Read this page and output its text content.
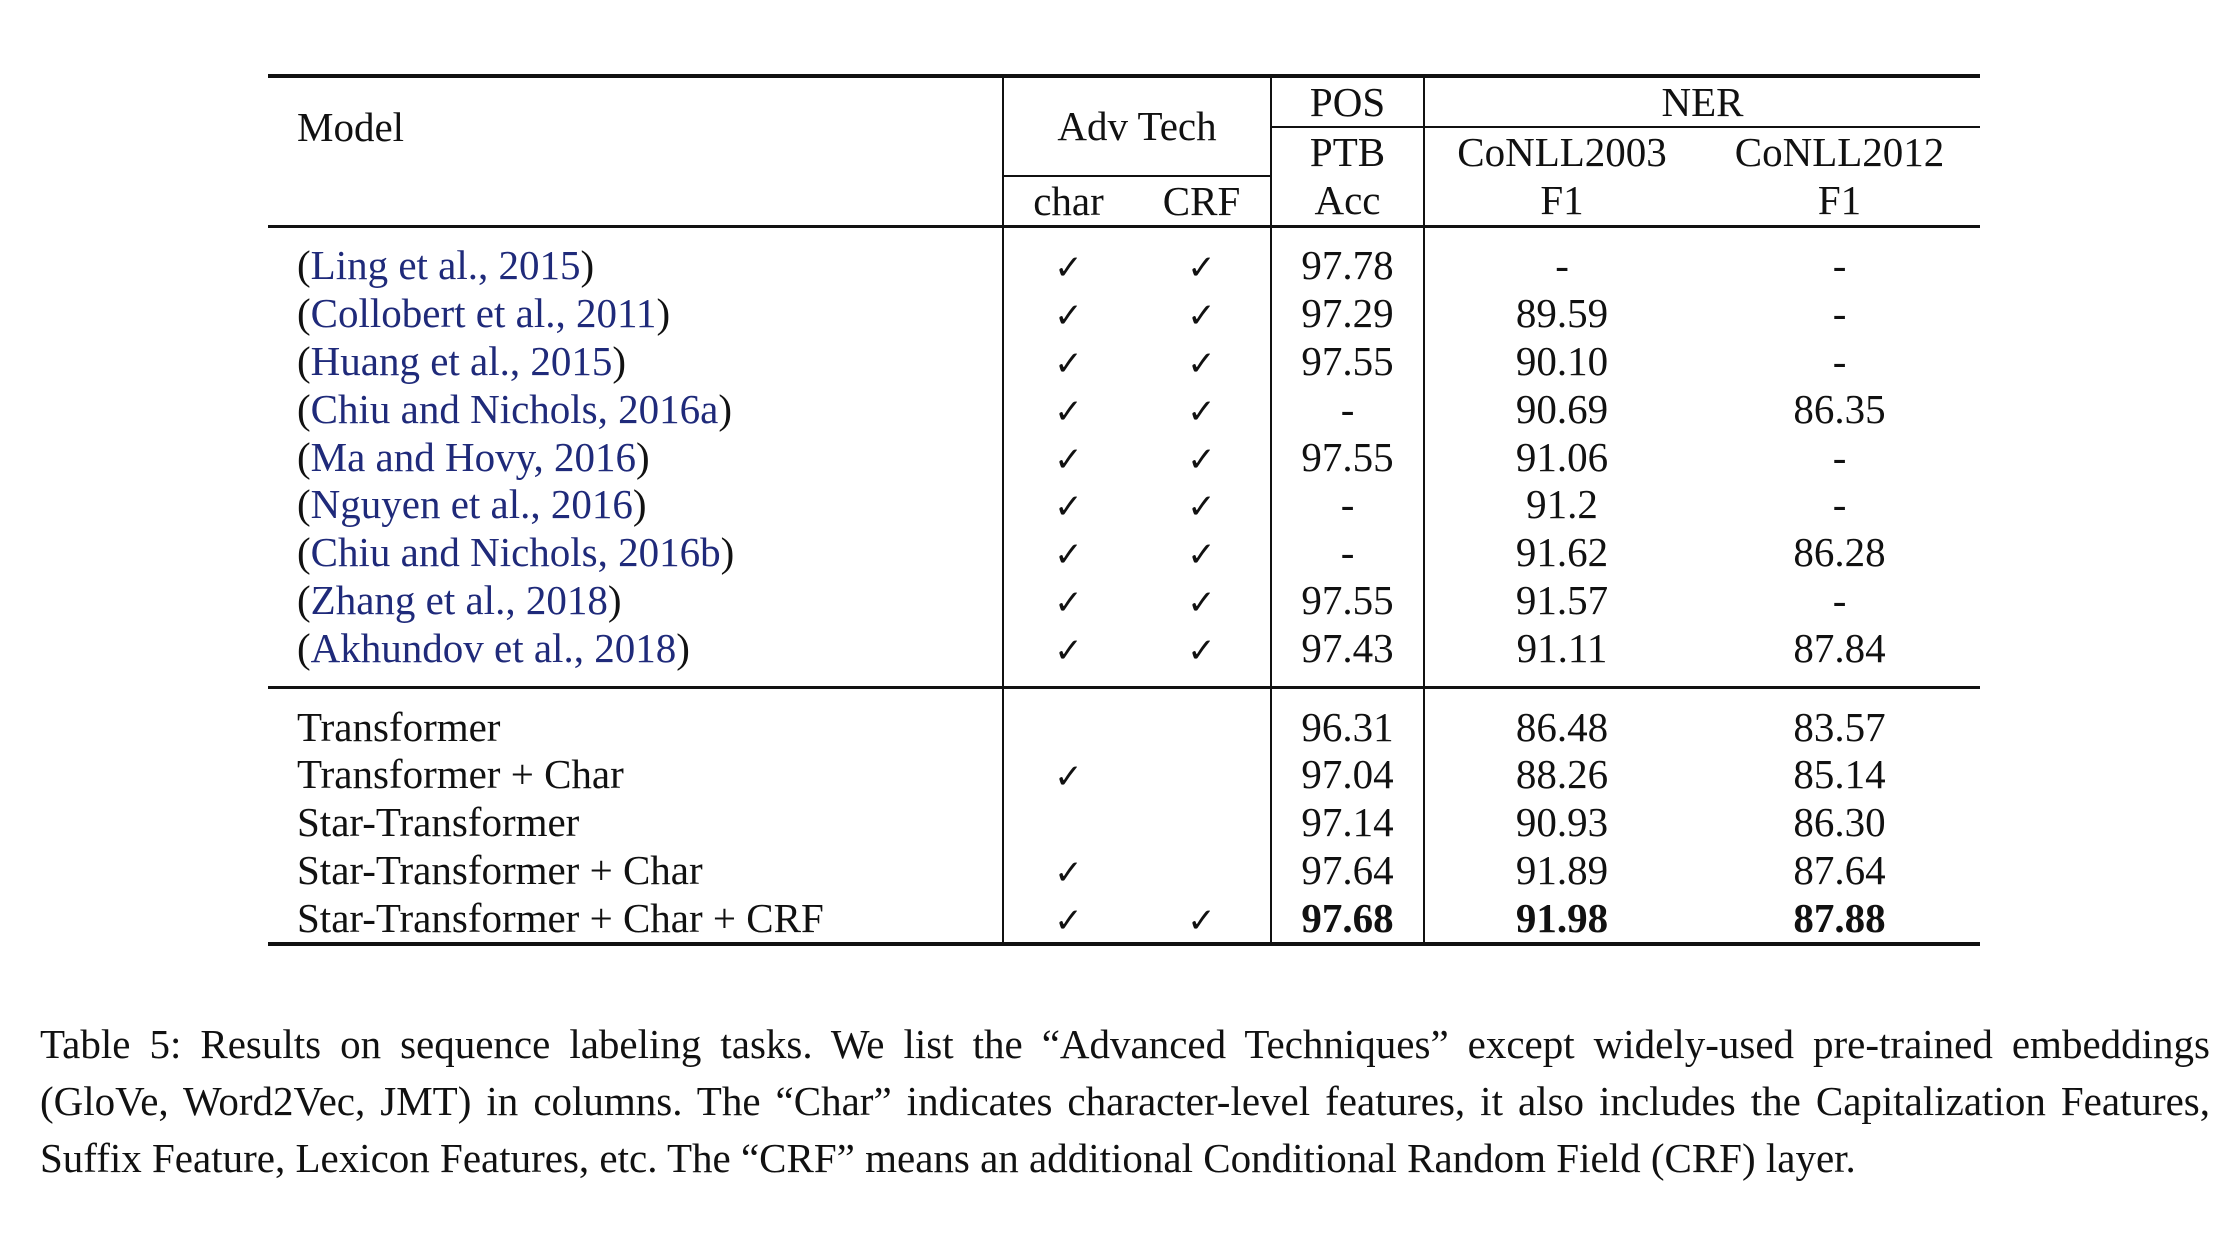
Model	Adv Tech		POS	NER	
			PTB	CoNLL2003	CoNLL2012
	char	CRF	Acc	F1	F1

(Ling et al., 2015)	✓	✓	97.78	-	-
(Collobert et al., 2011)	✓	✓	97.29	89.59	-
(Huang et al., 2015)	✓	✓	97.55	90.10	-
(Chiu and Nichols, 2016a)	✓	✓	-	90.69	86.35
(Ma and Hovy, 2016)	✓	✓	97.55	91.06	-
(Nguyen et al., 2016)	✓	✓	-	91.2	-
(Chiu and Nichols, 2016b)	✓	✓	-	91.62	86.28
(Zhang et al., 2018)	✓	✓	97.55	91.57	-
(Akhundov et al., 2018)	✓	✓	97.43	91.11	87.84

Transformer			96.31	86.48	83.57
Transformer + Char	✓		97.04	88.26	85.14
Star-Transformer			97.14	90.93	86.30
Star-Transformer + Char	✓		97.64	91.89	87.64
Star-Transformer + Char + CRF	✓	✓	97.68	91.98	87.88
Table 5: Results on sequence labeling tasks. We list the “Advanced Techniques” except widely-used pre-trained embeddings (GloVe, Word2Vec, JMT) in columns. The “Char” indicates character-level features, it also includes the Capitalization Features, Suffix Feature, Lexicon Features, etc. The “CRF” means an additional Conditional Random Field (CRF) layer.
